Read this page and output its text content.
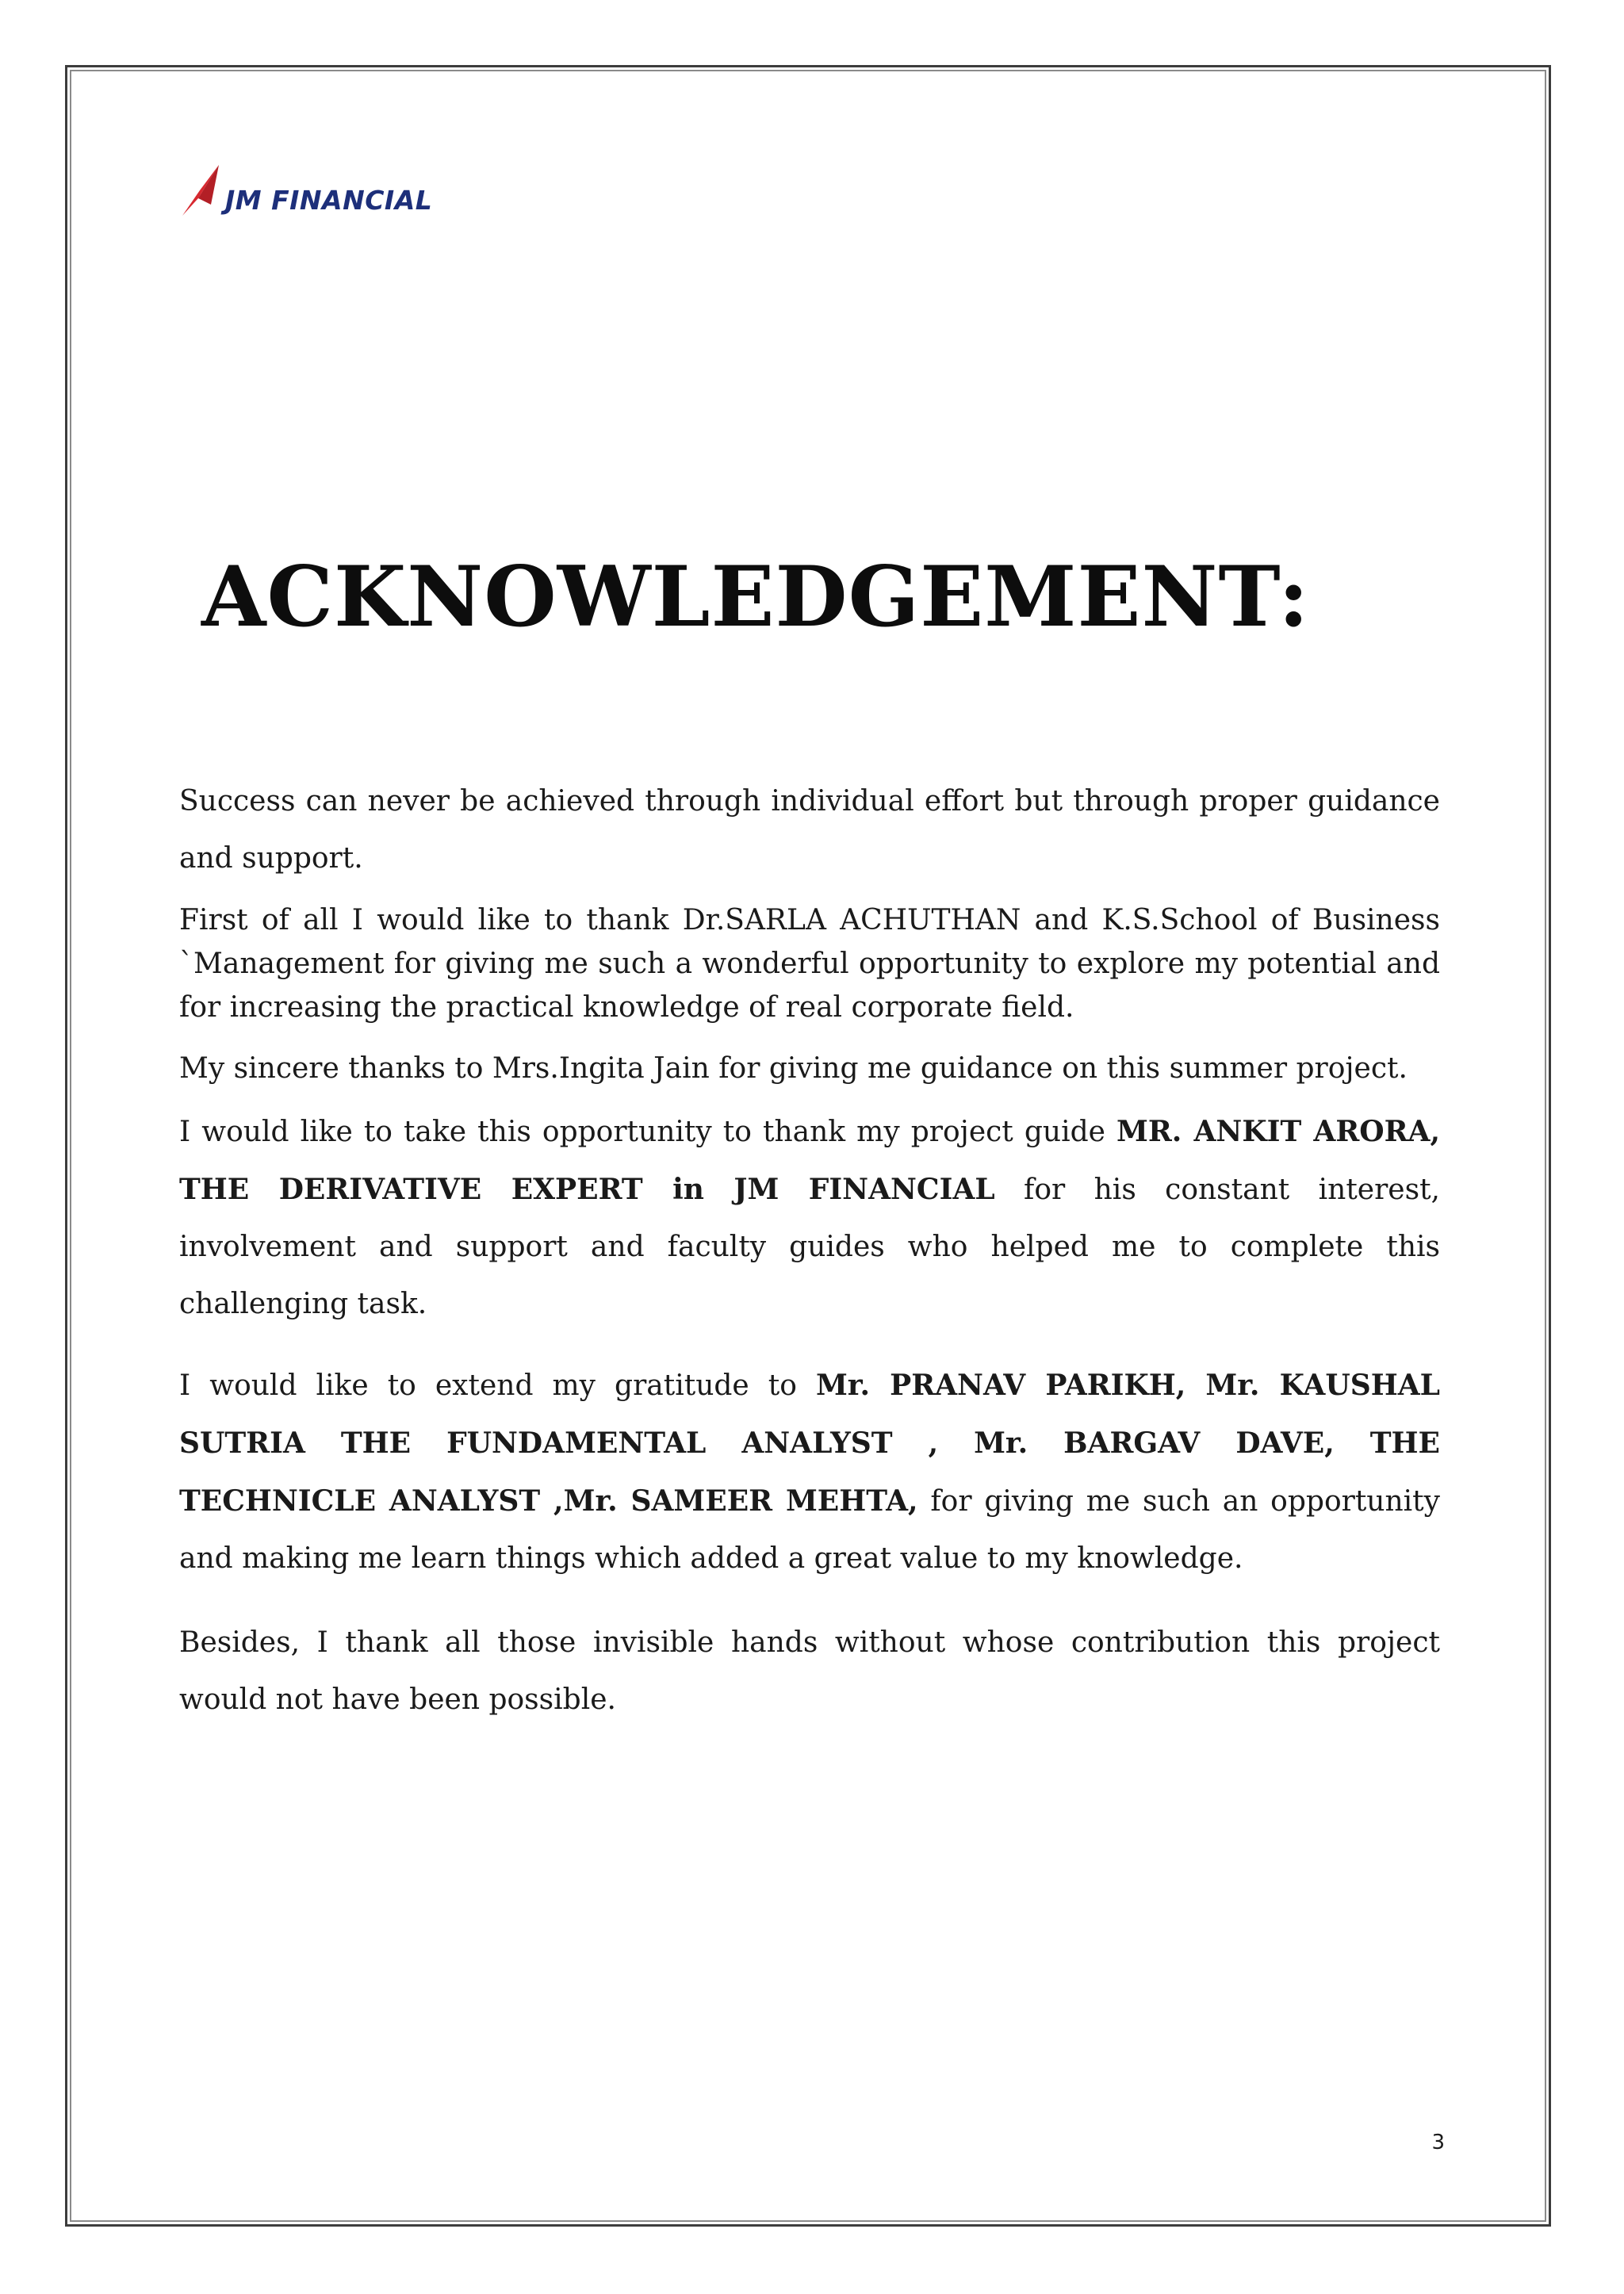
JM FINANCIAL
ACKNOWLEDGEMENT:

Success can never be achieved through individual effort but through proper guidance and support.

First of all I would like to thank Dr.SARLA ACHUTHAN and K.S.School of Business `Management for giving me such a wonderful opportunity to explore my potential and for increasing the practical knowledge of real corporate field.

My sincere thanks to Mrs.Ingita Jain for giving me guidance on this summer project.

I would like to take this opportunity to thank my project guide MR. ANKIT ARORA, THE DERIVATIVE EXPERT in JM FINANCIAL for his constant interest, involvement and support and faculty guides who helped me to complete this challenging task.

I would like to extend my gratitude to Mr. PRANAV PARIKH, Mr. KAUSHAL SUTRIA THE FUNDAMENTAL ANALYST , Mr. BARGAV DAVE, THE TECHNICLE ANALYST ,Mr. SAMEER MEHTA, for giving me such an opportunity and making me learn things which added a great value to my knowledge.

Besides, I thank all those invisible hands without whose contribution this project would not have been possible.

3
